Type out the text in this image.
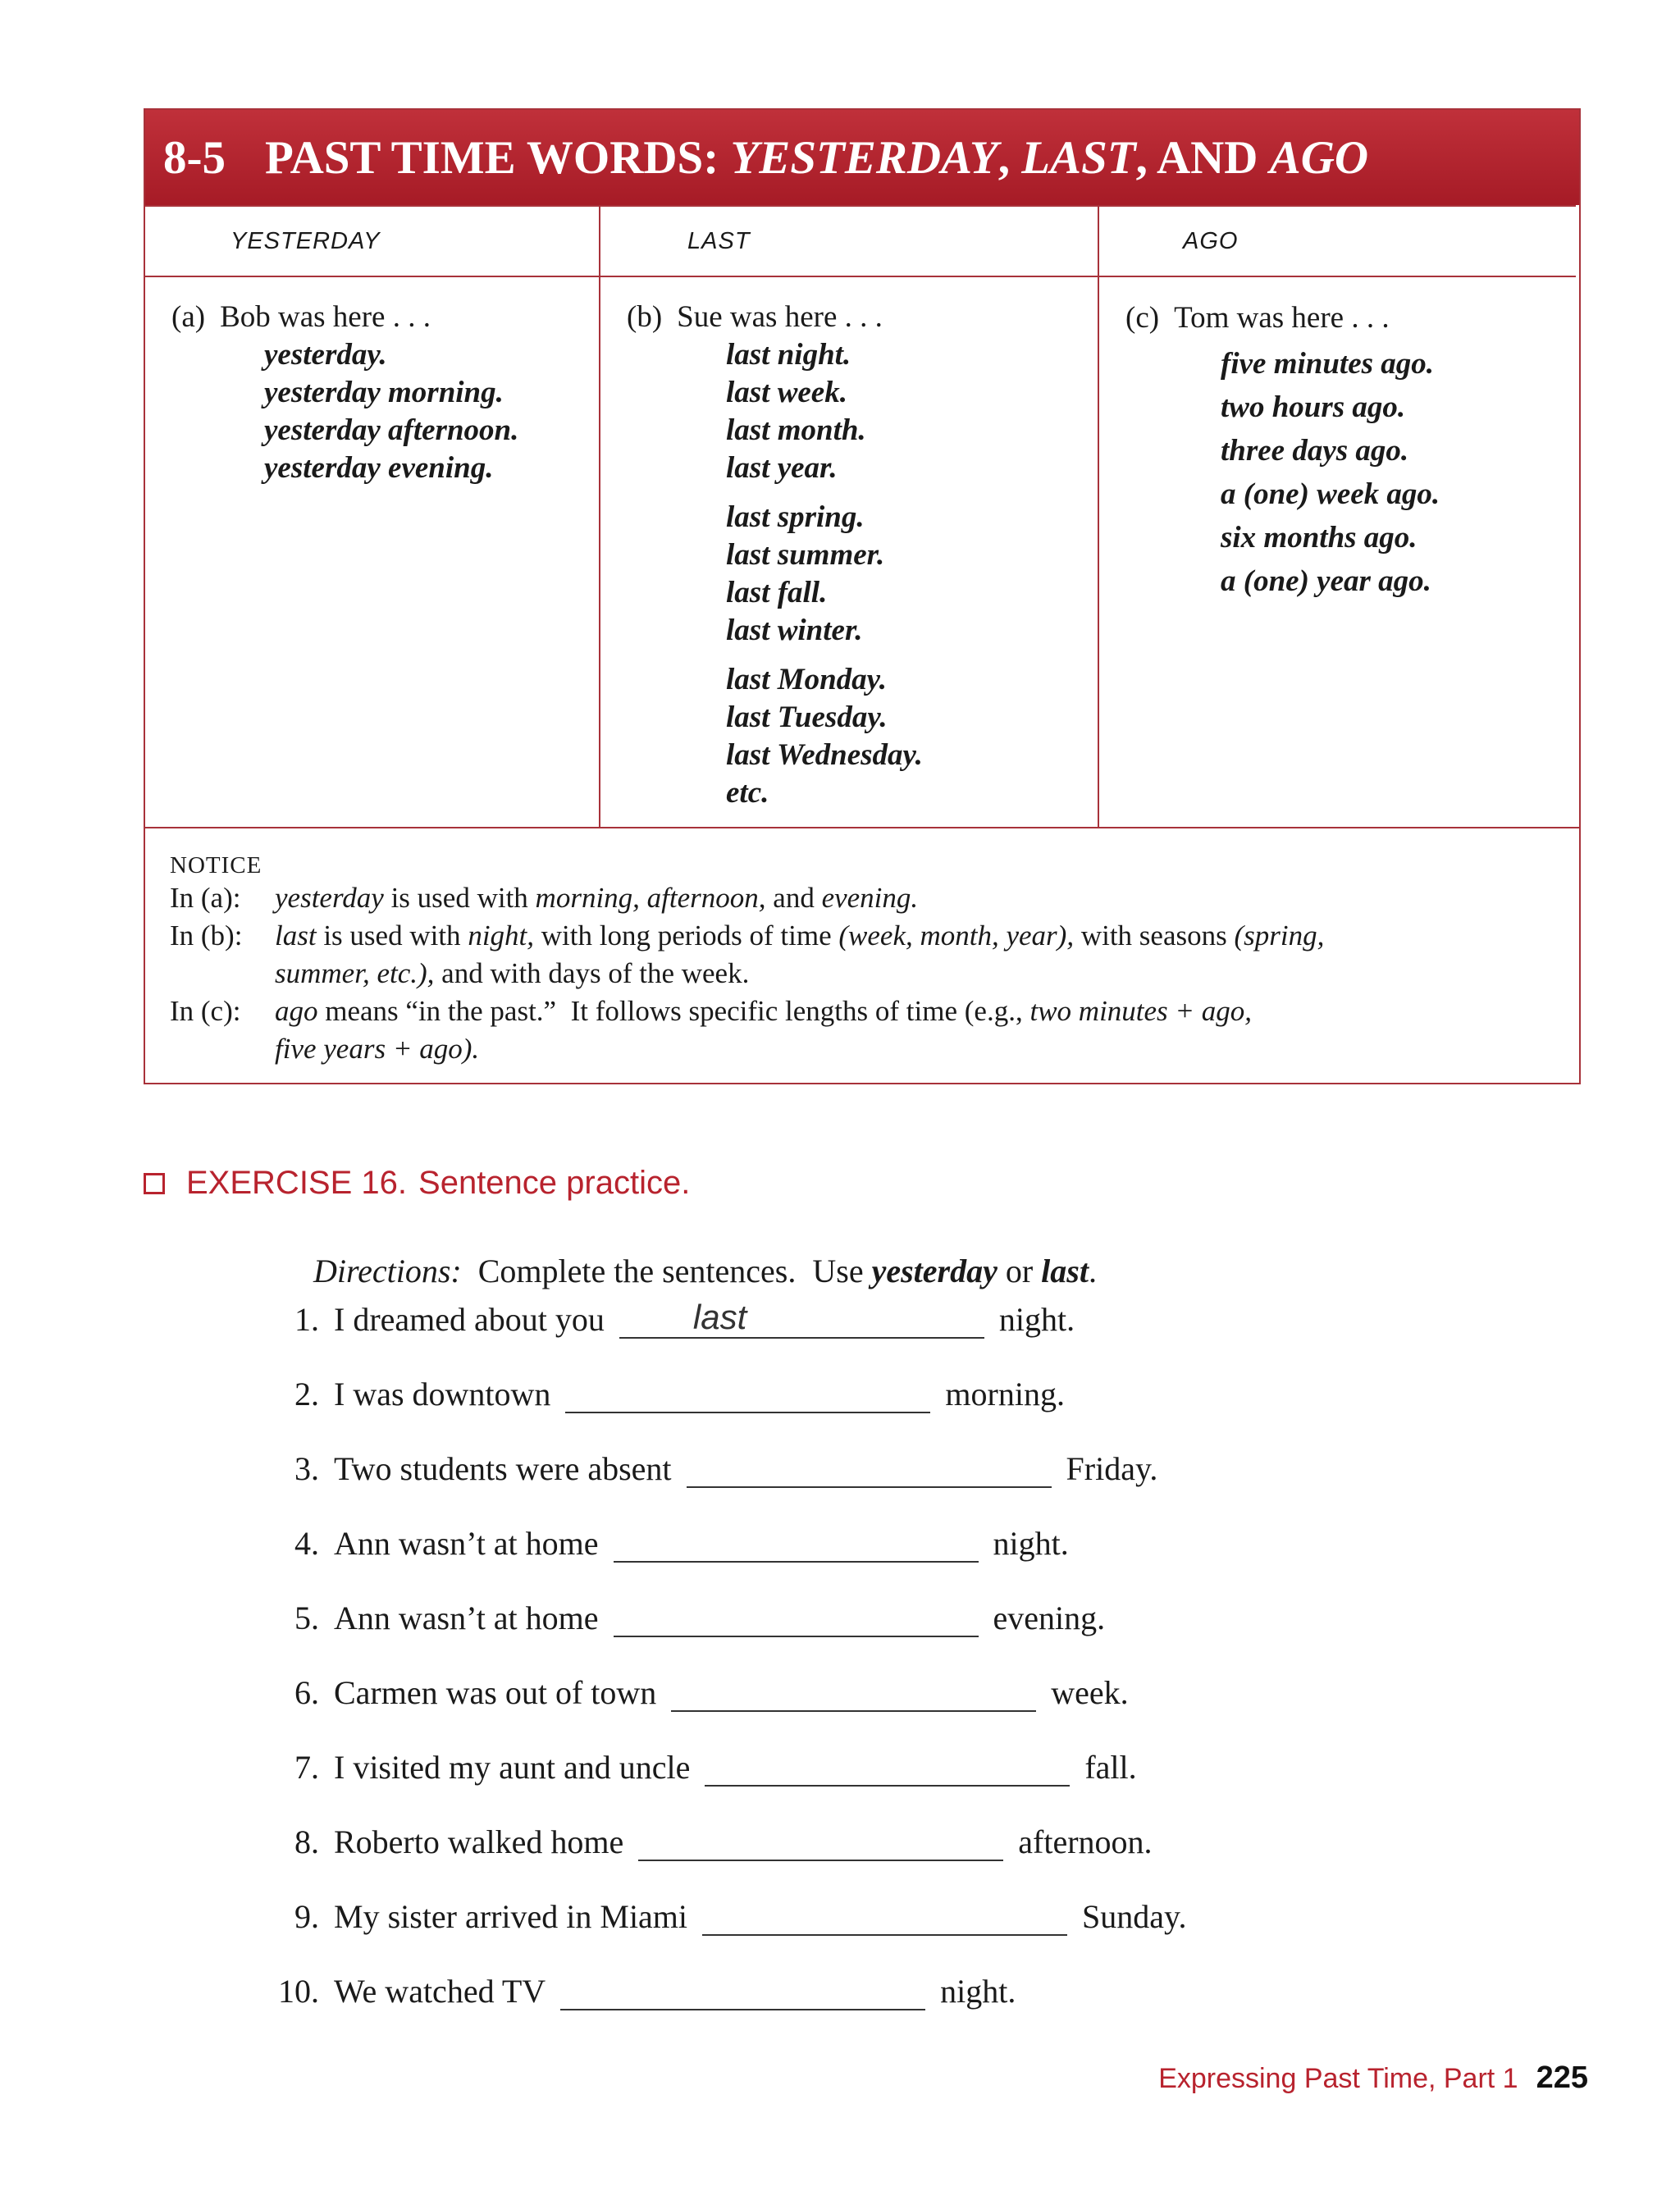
8-5 PAST TIME WORDS: YESTERDAY, LAST, AND AGO
YESTERDAY
(a) Bob was here . . .
yesterday.
yesterday morning.
yesterday afternoon.
yesterday evening.
LAST
(b) Sue was here . . .
last night.
last week.
last month.
last year.
last spring.
last summer.
last fall.
last winter.
last Monday.
last Tuesday.
last Wednesday.
etc.
AGO
(c) Tom was here . . .
five minutes ago.
two hours ago.
three days ago.
a (one) week ago.
six months ago.
a (one) year ago.
NOTICE
In (a):	yesterday is used with morning, afternoon, and evening.
In (b):	last is used with night, with long periods of time (week, month, year), with seasons (spring,
summer, etc.), and with days of the week.
In (c):	ago means “in the past.”  It follows specific lengths of time (e.g., two minutes + ago,
five years + ago).
EXERCISE 16. Sentence practice.

Directions: Complete the sentences.  Use yesterday or last.

1. I dreamed about you	last	night.
2. I was downtown	morning.
3. Two students were absent	Friday.
4. Ann wasn’t at home	night.
5. Ann wasn’t at home	evening.
6. Carmen was out of town	week.
7. I visited my aunt and uncle	fall.
8. Roberto walked home	afternoon.
9. My sister arrived in Miami	Sunday.
10. We watched TV	night.
Expressing Past Time, Part 1 225
